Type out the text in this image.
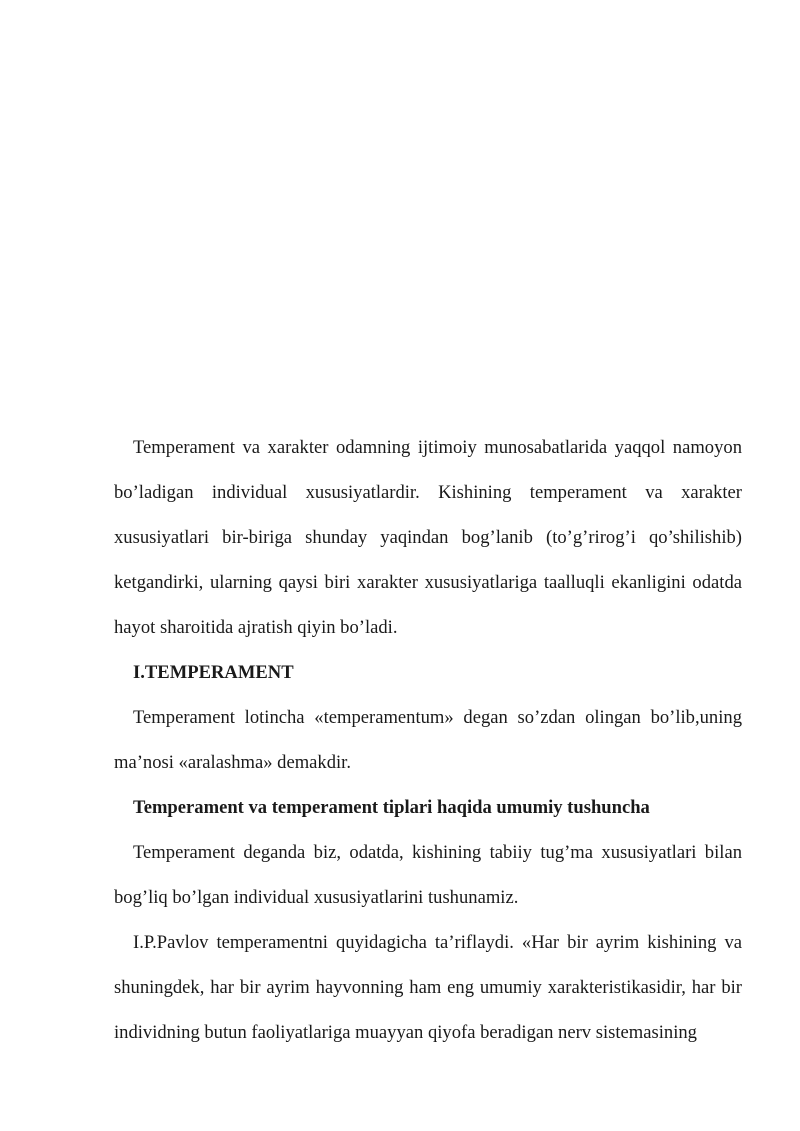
Temperament va xarakter odamning ijtimoiy munosabatlarida yaqqol namoyon bo’ladigan individual xususiyatlardir. Kishining temperament va xarakter xususiyatlari bir-biriga shunday yaqindan bog’lanib (to’g’rirog’i qo’shilishib) ketgandirki, ularning qaysi biri xarakter xususiyatlariga taalluqli ekanligini odatda hayot sharoitida ajratish qiyin bo’ladi.

I.TEMPERAMENT

Temperament lotincha «temperamentum» degan so’zdan olingan bo’lib,uning ma’nosi «aralashma» demakdir.

Temperament va temperament tiplari haqida umumiy tushuncha

Temperament deganda biz, odatda, kishining tabiiy tug’ma xususiyatlari bilan bog’liq bo’lgan individual xususiyatlarini tushunamiz.

I.P.Pavlov temperamentni quyidagicha ta’riflaydi. «Har bir ayrim kishining va shuningdek, har bir ayrim hayvonning ham eng umumiy xarakteristikasidir, har bir individning butun faoliyatlariga muayyan qiyofa beradigan nerv sistemasining
